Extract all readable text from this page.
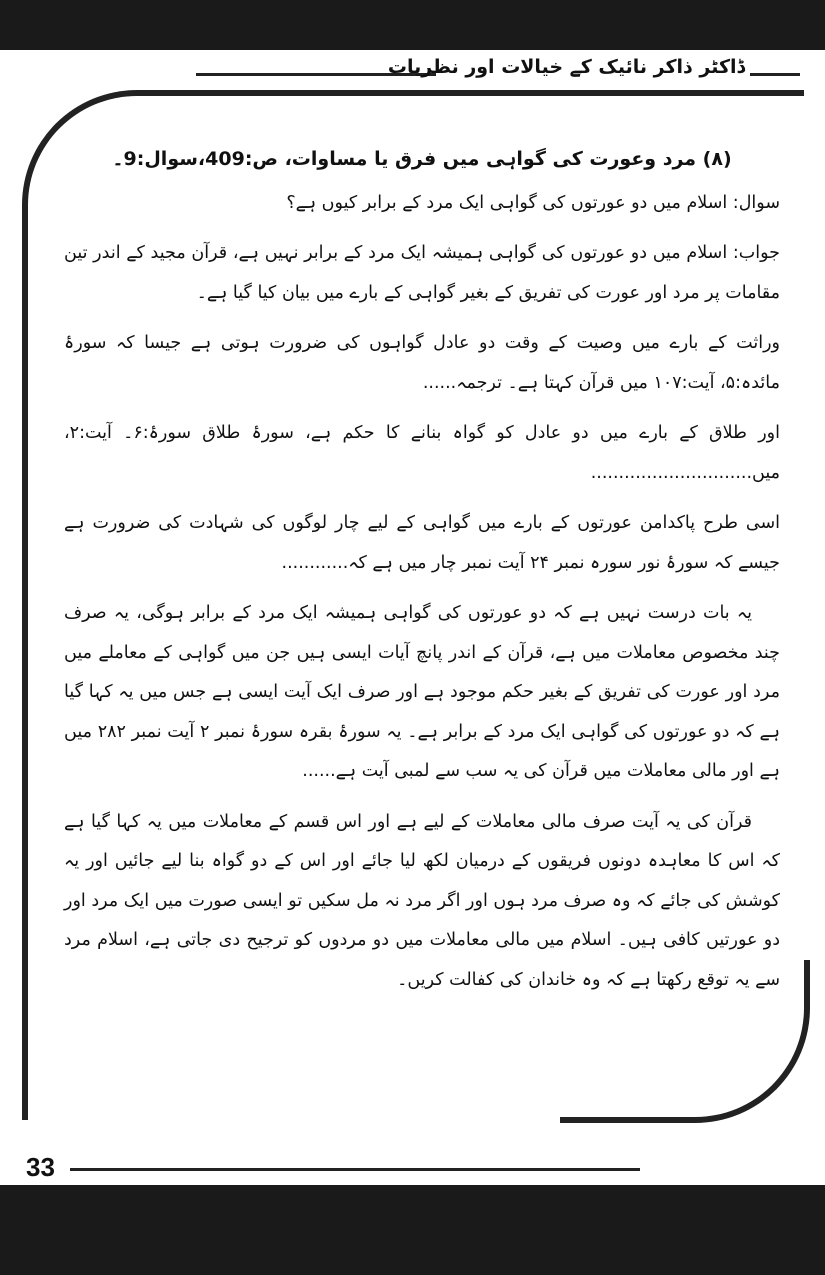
ڈاکٹر ذاکر نائیک کے خیالات اور نظریات
(۸) مرد وعورت کی گواہی میں فرق یا مساوات، ص:409،سوال:9۔

سوال: اسلام میں دو عورتوں کی گواہی ایک مرد کے برابر کیوں ہے؟

جواب: اسلام میں دو عورتوں کی گواہی ہمیشہ ایک مرد کے برابر نہیں ہے، قرآن مجید کے اندر تین مقامات پر مرد اور عورت کی تفریق کے بغیر گواہی کے بارے میں بیان کیا گیا ہے۔

وراثت کے بارے میں وصیت کے وقت دو عادل گواہوں کی ضرورت ہوتی ہے جیسا کہ سورۂ مائدہ:۵، آیت:۱۰۷ میں قرآن کہتا ہے۔ ترجمہ......

اور طلاق کے بارے میں دو عادل کو گواہ بنانے کا حکم ہے، سورۂ طلاق سورۂ:۶۔ آیت:۲، میں.............................

اسی طرح پاکدامن عورتوں کے بارے میں گواہی کے لیے چار لوگوں کی شہادت کی ضرورت ہے جیسے کہ سورۂ نور سورہ نمبر ۲۴ آیت نمبر چار میں ہے کہ............

یہ بات درست نہیں ہے کہ دو عورتوں کی گواہی ہمیشہ ایک مرد کے برابر ہوگی، یہ صرف چند مخصوص معاملات میں ہے، قرآن کے اندر پانچ آیات ایسی ہیں جن میں گواہی کے معاملے میں مرد اور عورت کی تفریق کے بغیر حکم موجود ہے اور صرف ایک آیت ایسی ہے جس میں یہ کہا گیا ہے کہ دو عورتوں کی گواہی ایک مرد کے برابر ہے۔ یہ سورۂ بقرہ سورۂ نمبر ۲ آیت نمبر ۲۸۲ میں ہے اور مالی معاملات میں قرآن کی یہ سب سے لمبی آیت ہے......

قرآن کی یہ آیت صرف مالی معاملات کے لیے ہے اور اس قسم کے معاملات میں یہ کہا گیا ہے کہ اس کا معاہدہ دونوں فریقوں کے درمیان لکھ لیا جائے اور اس کے دو گواہ بنا لیے جائیں اور یہ کوشش کی جائے کہ وہ صرف مرد ہوں اور اگر مرد نہ مل سکیں تو ایسی صورت میں ایک مرد اور دو عورتیں کافی ہیں۔ اسلام میں مالی معاملات میں دو مردوں کو ترجیح دی جاتی ہے، اسلام مرد سے یہ توقع رکھتا ہے کہ وہ خاندان کی کفالت کریں۔

33
